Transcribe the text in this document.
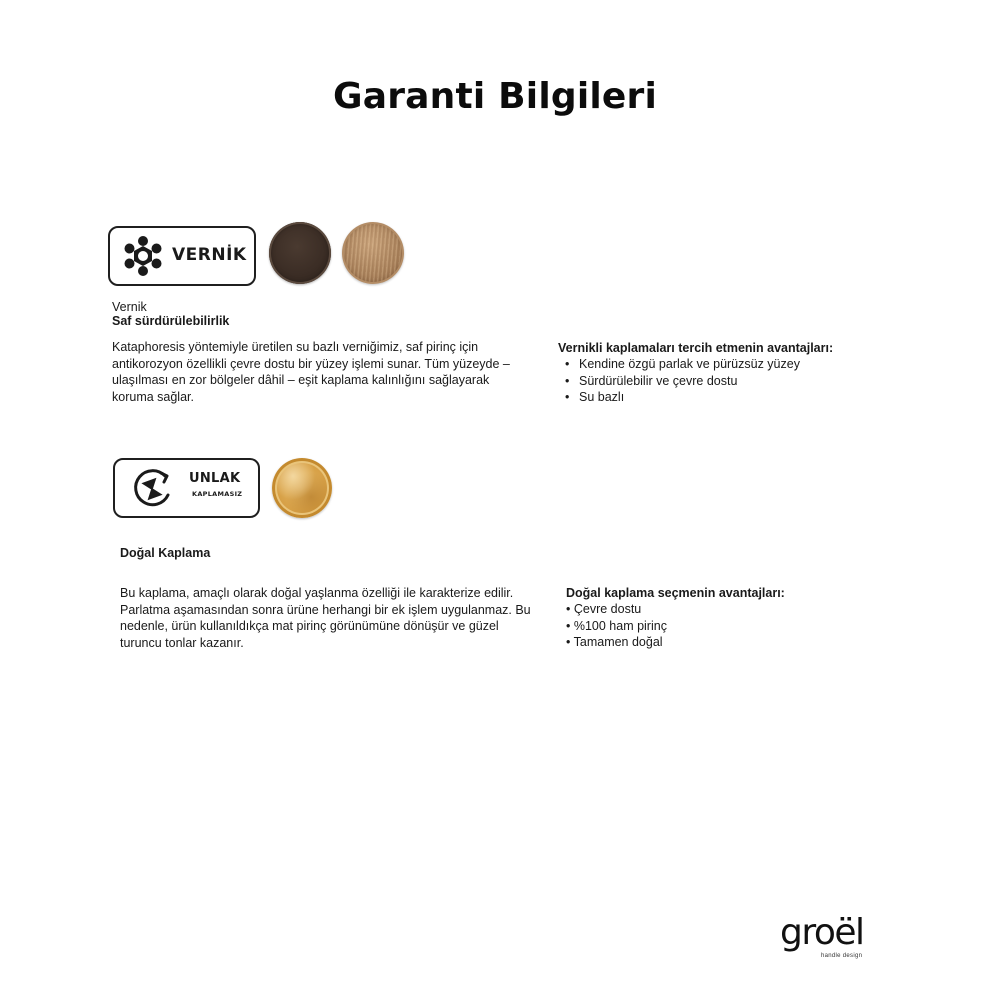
Garanti Bilgileri
VERNİK
Vernik
Saf sürdürülebilirlik
Kataphoresis yöntemiyle üretilen su bazlı verniğimiz, saf pirinç için antikorozyon özellikli çevre dostu bir yüzey işlemi sunar. Tüm yüzeyde – ulaşılması en zor bölgeler dâhil – eşit kaplama kalınlığını sağlayarak koruma sağlar.
Vernikli kaplamaları tercih etmenin avantajları:
• Kendine özgü parlak ve pürüzsüz yüzey
• Sürdürülebilir ve çevre dostu
• Su bazlı
UNLAK
KAPLAMASIZ
Doğal Kaplama
Bu kaplama, amaçlı olarak doğal yaşlanma özelliği ile karakterize edilir. Parlatma aşamasından sonra ürüne herhangi bir ek işlem uygulanmaz. Bu nedenle, ürün kullanıldıkça mat pirinç görünümüne dönüşür ve güzel turuncu tonlar kazanır.
Doğal kaplama seçmenin avantajları:
• Çevre dostu
• %100 ham pirinç
• Tamamen doğal
groël
handle design
